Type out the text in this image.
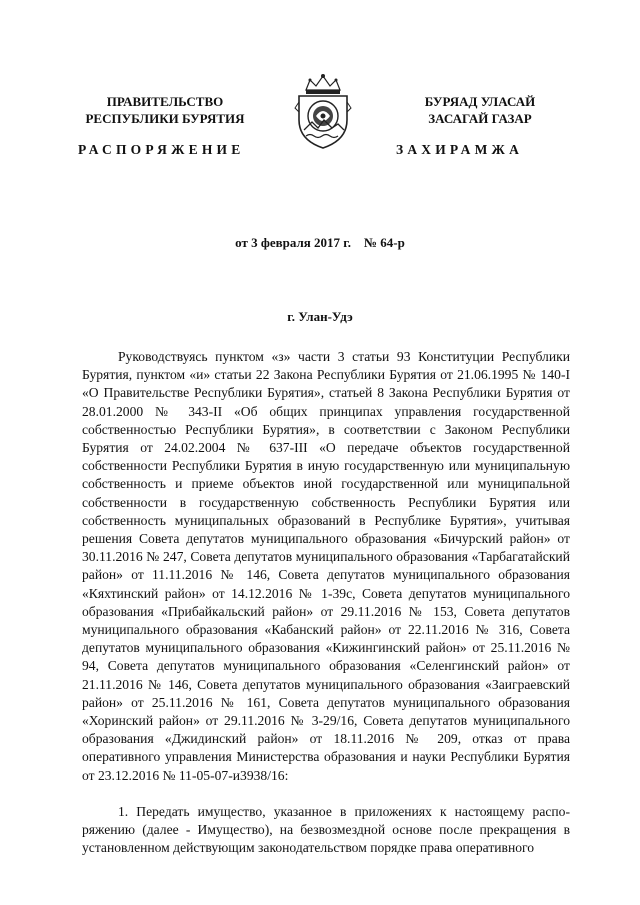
ПРАВИТЕЛЬСТВО
РЕСПУБЛИКИ БУРЯТИЯ
БУРЯАД УЛАСАЙ
ЗАСАГАЙ ГАЗАР
РАСПОРЯЖЕНИЕ	ЗАХИРАМЖА
от 3 февраля 2017 г.    № 64-р
г. Улан-Удэ

Руководствуясь пунктом «з» части 3 статьи 93 Конституции Республики Бурятия, пунктом «и» статьи 22 Закона Республики Бурятия от 21.06.1995 № 140-I «О Правительстве Республики Бурятия», статьей 8 Закона Республики Бурятия от 28.01.2000 № 343-II «Об общих принципах управления государственной собственностью Республики Бурятия», в соответствии с Законом Республики Бурятия от 24.02.2004 № 637-III «О передаче объектов государственной собственности Республики Бурятия в иную государственную или муниципальную собственность и приеме объектов иной государственной или муниципальной собственности в государственную собственность Республики Бурятия или собственность муниципальных образований в Республике Бурятия», учитывая решения Совета депутатов муниципального образования «Бичурский район» от 30.11.2016 № 247, Совета депутатов муниципального образования «Тарбагатайский район» от 11.11.2016 № 146, Совета депутатов муниципального образования «Кяхтинский район» от 14.12.2016 № 1-39с, Совета депутатов муниципального образования «Прибайкальский район» от 29.11.2016 № 153, Совета депутатов муниципального образования «Кабанский район» от 22.11.2016 № 316, Совета депутатов муниципального образования «Кижингинский район» от 25.11.2016 № 94, Совета депутатов муниципального образования «Селенгинский район» от 21.11.2016 № 146, Совета депутатов муниципального образования «Заиграевский район» от 25.11.2016 № 161, Совета депутатов муниципального образования «Хоринский район» от 29.11.2016 № 3-29/16, Совета депутатов муниципального образования «Джидинский район» от 18.11.2016 № 209, отказ от права оперативного управления Министерства образования и науки Республики Бурятия от 23.12.2016 № 11-05-07-и3938/16:

1. Передать имущество, указанное в приложениях к настоящему распоряжению (далее - Имущество), на безвозмездной основе после прекращения в установленном действующим законодательством порядке права оперативного
